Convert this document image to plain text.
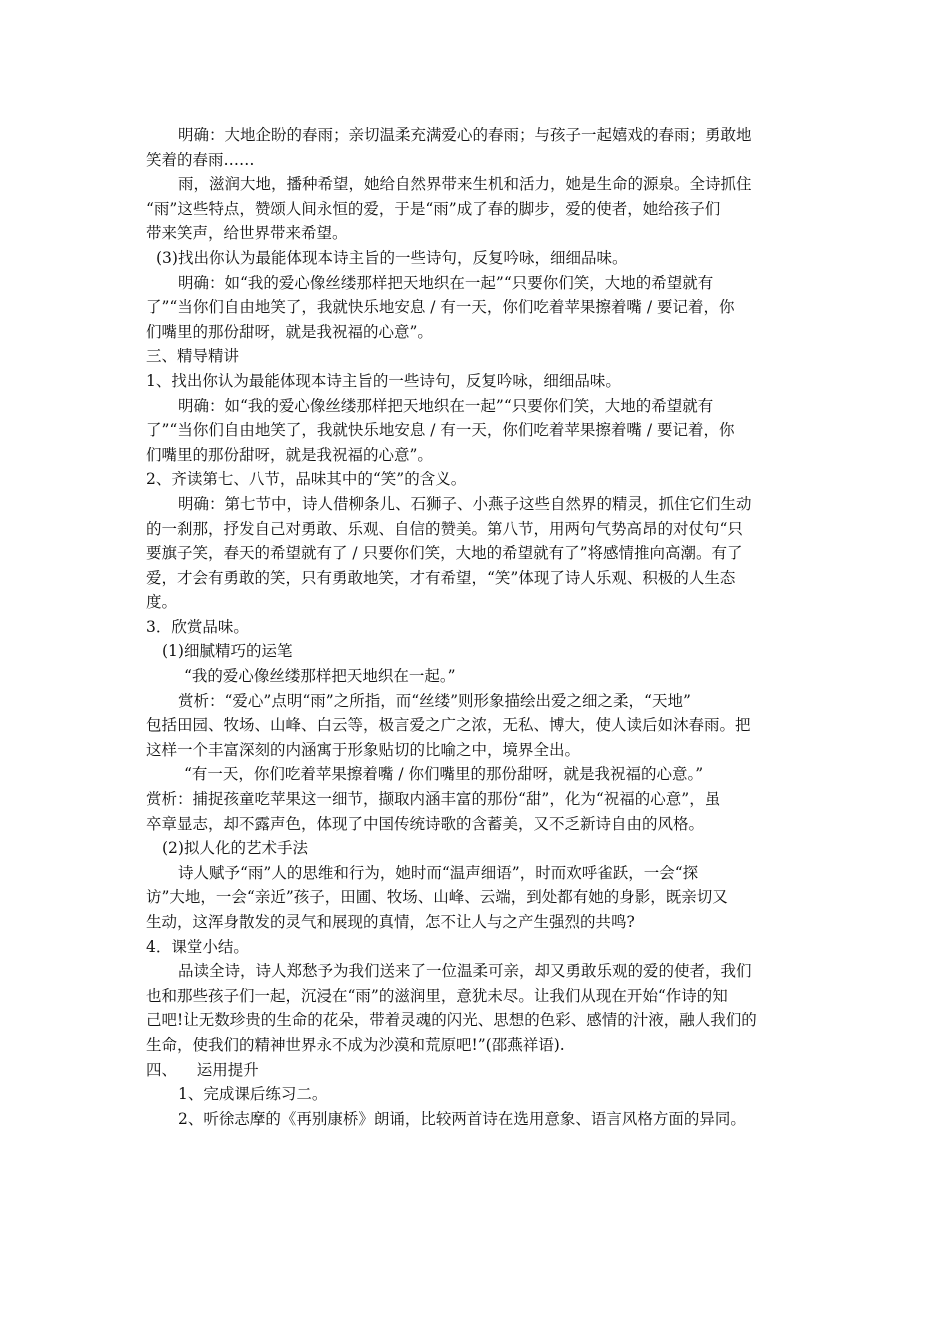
明确：大地企盼的春雨；亲切温柔充满爱心的春雨；与孩子一起嬉戏的春雨；勇敢地
笑着的春雨……
雨，滋润大地，播种希望，她给自然界带来生机和活力，她是生命的源泉。全诗抓住
“雨”这些特点，赞颂人间永恒的爱，于是“雨”成了春的脚步，爱的使者，她给孩子们
带来笑声，给世界带来希望。
(3)找出你认为最能体现本诗主旨的一些诗句，反复吟咏，细细品味。
明确：如“我的爱心像丝缕那样把天地织在一起”“只要你们笑，大地的希望就有
了”“当你们自由地笑了，我就快乐地安息 / 有一天，你们吃着苹果擦着嘴 / 要记着，你
们嘴里的那份甜呀，就是我祝福的心意”。
三、精导精讲
1、找出你认为最能体现本诗主旨的一些诗句，反复吟咏，细细品味。
明确：如“我的爱心像丝缕那样把天地织在一起”“只要你们笑，大地的希望就有
了”“当你们自由地笑了，我就快乐地安息 / 有一天，你们吃着苹果擦着嘴 / 要记着，你
们嘴里的那份甜呀，就是我祝福的心意”。
2、齐读第七、八节，品味其中的“笑”的含义。
明确：第七节中，诗人借柳条儿、石狮子、小燕子这些自然界的精灵，抓住它们生动
的一刹那，抒发自己对勇敢、乐观、自信的赞美。第八节，用两句气势高昂的对仗句“只
要旗子笑，春天的希望就有了 / 只要你们笑，大地的希望就有了”将感情推向高潮。有了
爱，才会有勇敢的笑，只有勇敢地笑，才有希望，“笑”体现了诗人乐观、积极的人生态
度。
3．欣赏品味。
(1)细腻精巧的运笔
“我的爱心像丝缕那样把天地织在一起。”
赏析：“爱心”点明“雨”之所指，而“丝缕”则形象描绘出爱之细之柔，“天地”
包括田园、牧场、山峰、白云等，极言爱之广之浓，无私、博大，使人读后如沐春雨。把
这样一个丰富深刻的内涵寓于形象贴切的比喻之中，境界全出。
“有一天，你们吃着苹果擦着嘴 / 你们嘴里的那份甜呀，就是我祝福的心意。”
赏析：捕捉孩童吃苹果这一细节，撷取内涵丰富的那份“甜”，化为“祝福的心意”，虽
卒章显志，却不露声色，体现了中国传统诗歌的含蓄美，又不乏新诗自由的风格。
(2)拟人化的艺术手法
诗人赋予“雨”人的思维和行为，她时而“温声细语”，时而欢呼雀跃，一会“探
访”大地，一会“亲近”孩子，田圃、牧场、山峰、云端，到处都有她的身影，既亲切又
生动，这浑身散发的灵气和展现的真情，怎不让人与之产生强烈的共鸣?
4．课堂小结。
品读全诗，诗人郑愁予为我们送来了一位温柔可亲，却又勇敢乐观的爱的使者，我们
也和那些孩子们一起，沉浸在“雨”的滋润里，意犹未尽。让我们从现在开始“作诗的知
己吧!让无数珍贵的生命的花朵，带着灵魂的闪光、思想的色彩、感情的汁液，融人我们的
生命，使我们的精神世界永不成为沙漠和荒原吧!”(邵燕祥语).
四、    运用提升
1、完成课后练习二。
2、听徐志摩的《再别康桥》朗诵，比较两首诗在选用意象、语言风格方面的异同。
